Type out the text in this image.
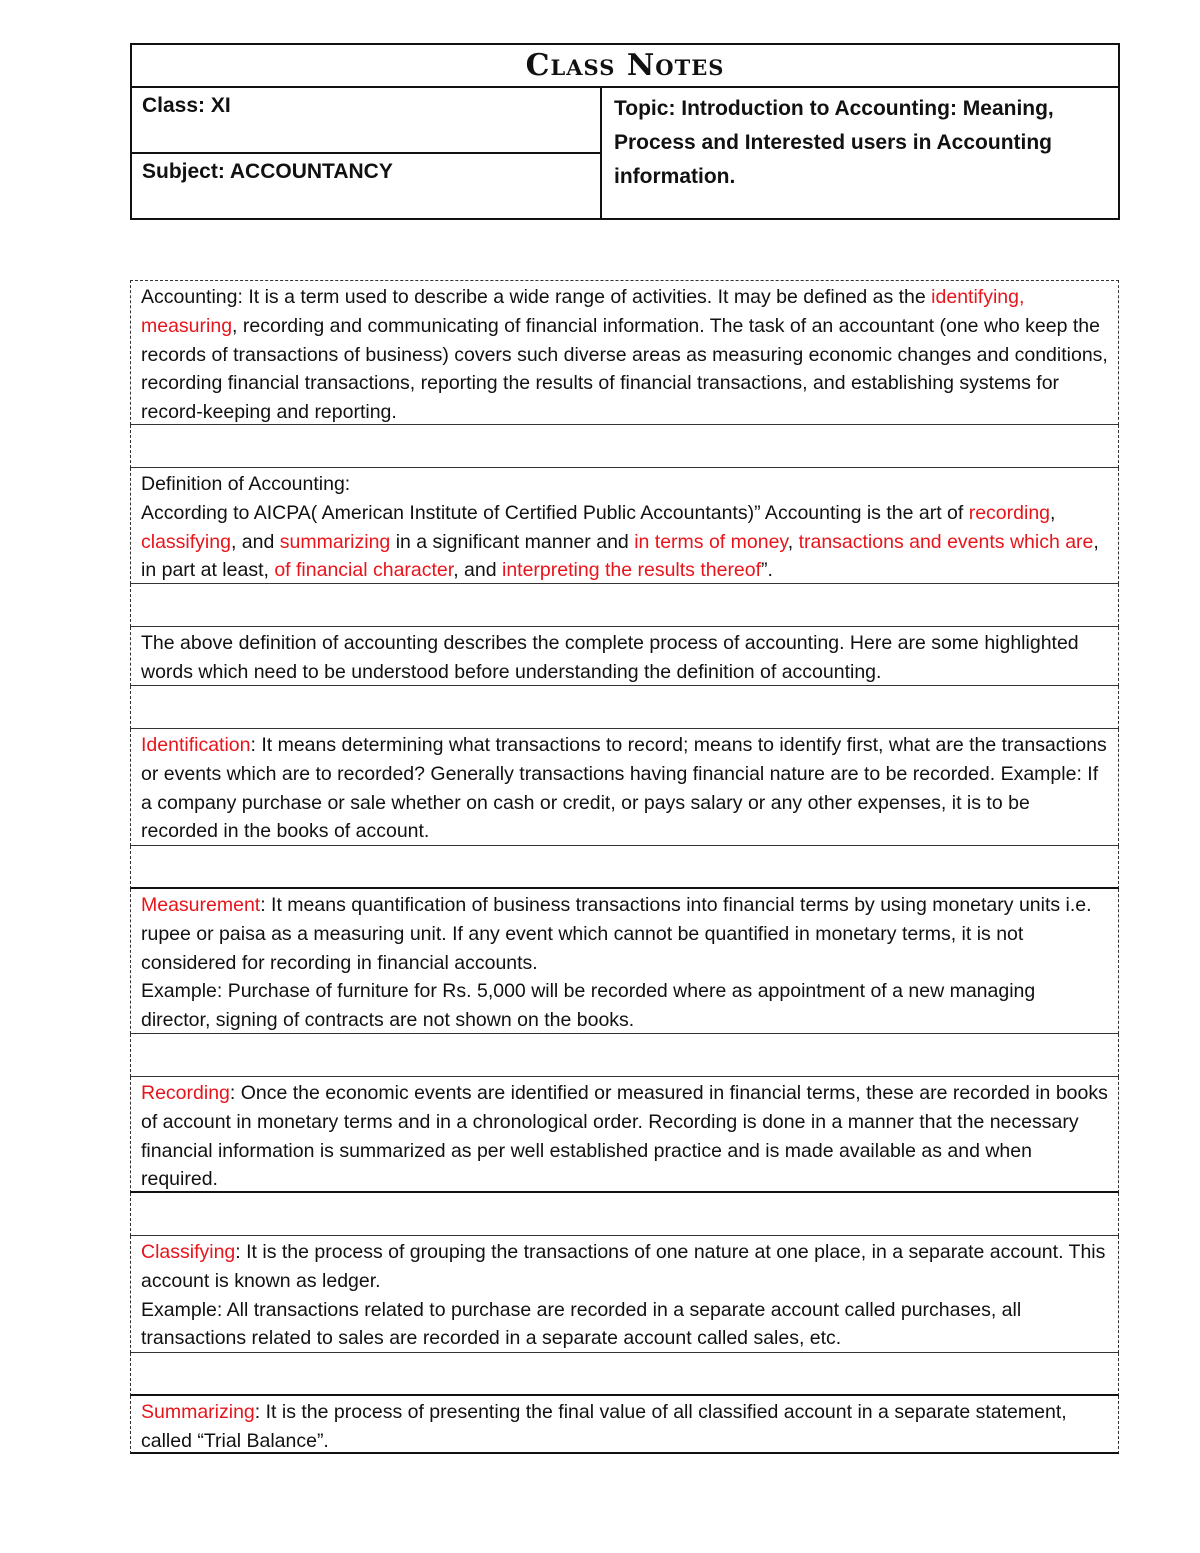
Class Notes
Class: XI
Subject: ACCOUNTANCY
Topic: Introduction to Accounting: Meaning, Process and Interested users in Accounting information.
Accounting: It is a term used to describe a wide range of activities. It may be defined as the identifying, measuring, recording and communicating of financial information. The task of an accountant (one who keep the records of transactions of business) covers such diverse areas as measuring economic changes and conditions, recording financial transactions, reporting the results of financial transactions, and establishing systems for record-keeping and reporting.

Definition of Accounting:

According to AICPA( American Institute of Certified Public Accountants)” Accounting is the art of recording, classifying, and summarizing in a significant manner and in terms of money, transactions and events which are, in part at least, of financial character, and interpreting the results thereof”.

The above definition of accounting describes the complete process of accounting. Here are some highlighted words which need to be understood before understanding the definition of accounting.
Identification: It means determining what transactions to record; means to identify first, what are the transactions or events which are to recorded? Generally transactions having financial nature are to be recorded. Example: If a company purchase or sale whether on cash or credit, or pays salary or any other expenses, it is to be recorded in the books of account.

Measurement: It means quantification of business transactions into financial terms by using monetary units i.e. rupee or paisa as a measuring unit. If any event which cannot be quantified in monetary terms, it is not considered for recording in financial accounts.

Example: Purchase of furniture for Rs. 5,000 will be recorded where as appointment of a new managing director, signing of contracts are not shown on the books.

Recording: Once the economic events are identified or measured in financial terms, these are recorded in books of account in monetary terms and in a chronological order. Recording is done in a manner that the necessary financial information is summarized as per well established practice and is made available as and when required.

Classifying: It is the process of grouping the transactions of one nature at one place, in a separate account. This account is known as ledger.

Example: All transactions related to purchase are recorded in a separate account called purchases, all transactions related to sales are recorded in a separate account called sales, etc.

Summarizing: It is the process of presenting the final value of all classified account in a separate statement, called “Trial Balance”.
